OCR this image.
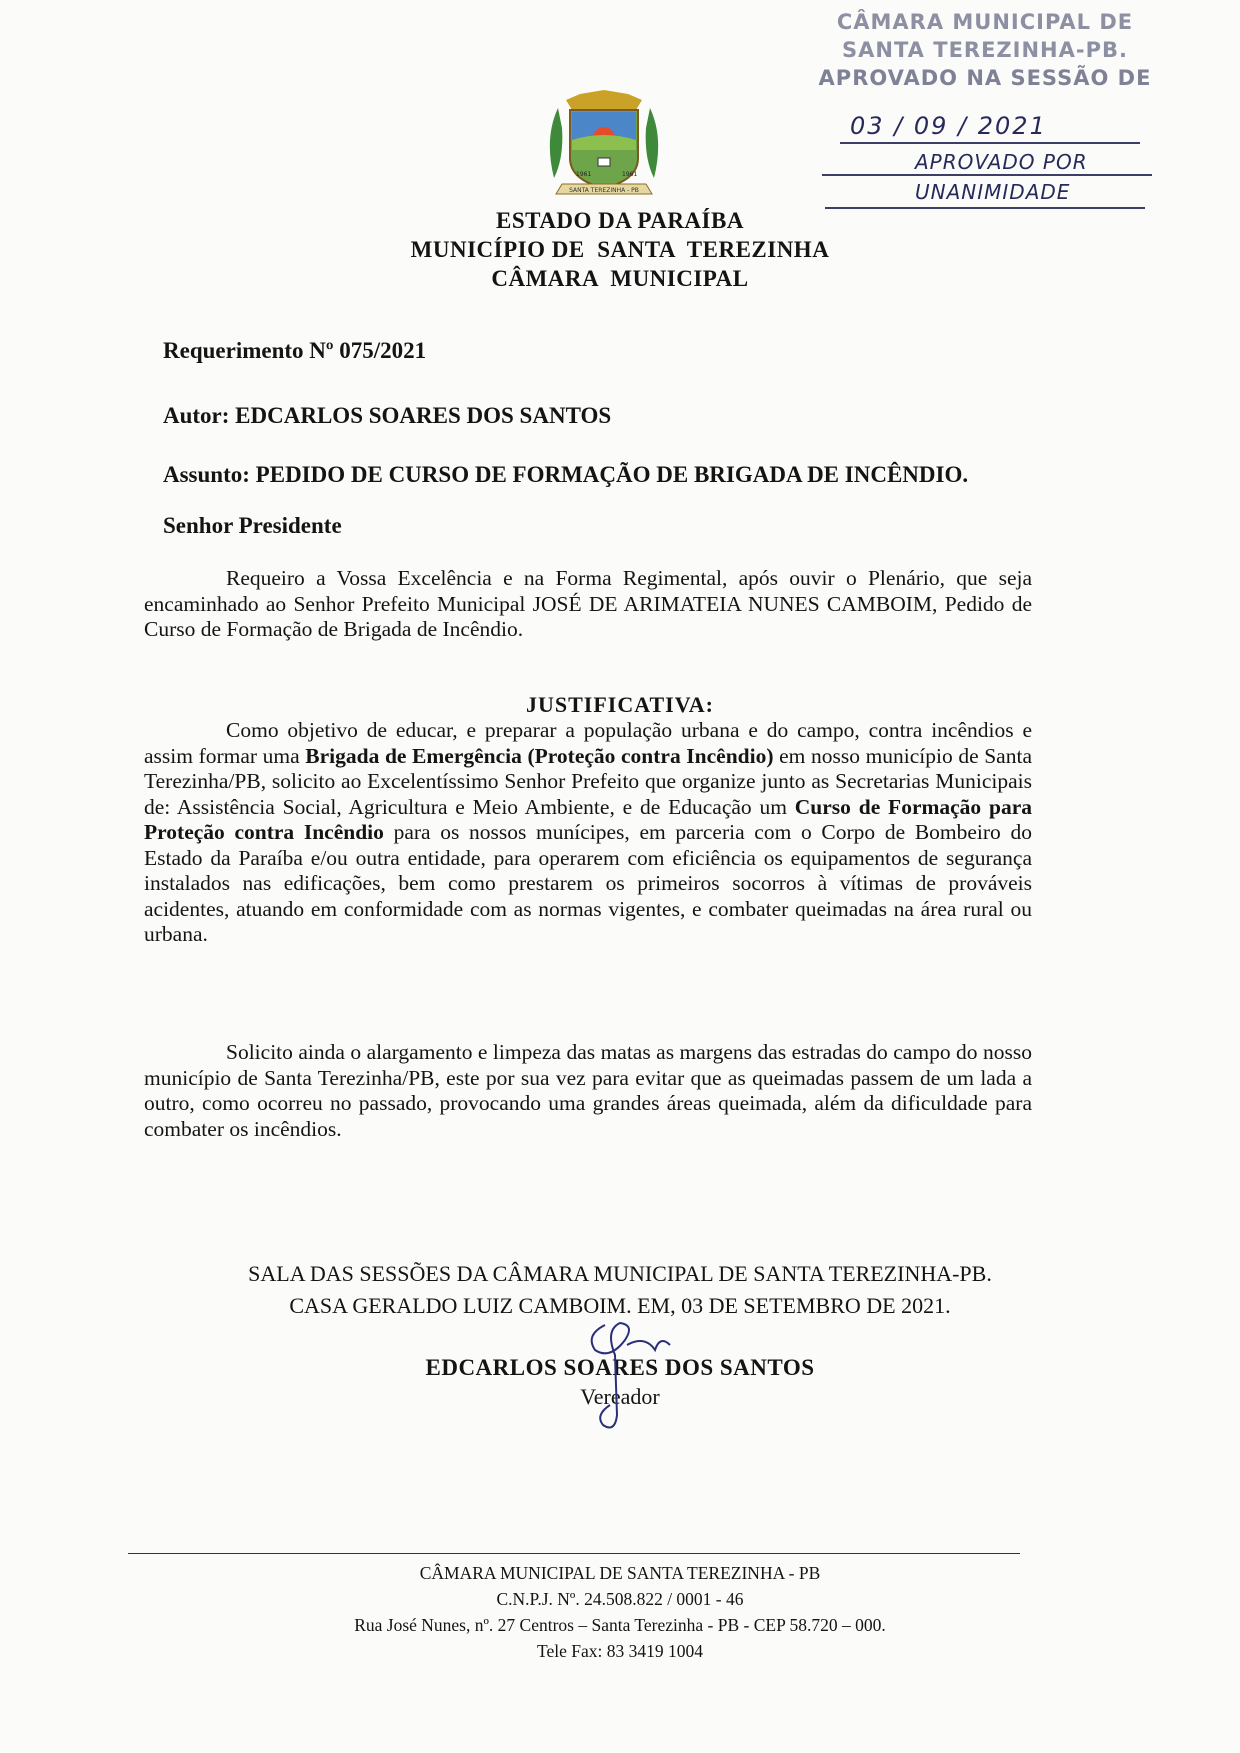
CÂMARA MUNICIPAL DE
SANTA TEREZINHA-PB.
APROVADO NA SESSÃO DE
03 / 09 / 2021
APROVADO POR
UNANIMIDADE
SANTA TEREZINHA - PB
1961	1961
ESTADO DA PARAÍBA
MUNICÍPIO DE  SANTA  TEREZINHA
CÂMARA  MUNICIPAL
Requerimento Nº 075/2021
Autor: EDCARLOS SOARES DOS SANTOS
Assunto: PEDIDO DE CURSO DE FORMAÇÃO DE BRIGADA DE INCÊNDIO.
Senhor Presidente
Requeiro a Vossa Excelência e na Forma Regimental, após ouvir o Plenário, que seja encaminhado ao Senhor Prefeito Municipal JOSÉ DE ARIMATEIA NUNES CAMBOIM, Pedido de Curso de Formação de Brigada de Incêndio.
JUSTIFICATIVA:
Como objetivo de educar, e preparar a população urbana e do campo, contra incêndios e assim formar uma Brigada de Emergência (Proteção contra Incêndio) em nosso município de Santa Terezinha/PB, solicito ao Excelentíssimo Senhor Prefeito que organize junto as Secretarias Municipais de: Assistência Social, Agricultura e Meio Ambiente, e de Educação um Curso de Formação para Proteção contra Incêndio para os nossos munícipes, em parceria com o Corpo de Bombeiro do Estado da Paraíba e/ou outra entidade, para operarem com eficiência os equipamentos de segurança instalados nas edificações, bem como prestarem os primeiros socorros à vítimas de prováveis acidentes, atuando em conformidade com as normas vigentes, e combater queimadas na área rural ou urbana.
Solicito ainda o alargamento e limpeza das matas as margens das estradas do campo do nosso município de Santa Terezinha/PB, este por sua vez para evitar que as queimadas passem de um lada a outro, como ocorreu no passado, provocando uma grandes áreas queimada, além da dificuldade para combater os incêndios.
SALA DAS SESSÕES DA CÂMARA MUNICIPAL DE SANTA TEREZINHA-PB.
CASA GERALDO LUIZ CAMBOIM. EM, 03 DE SETEMBRO DE 2021.
EDCARLOS SOARES DOS SANTOS
Vereador
CÂMARA MUNICIPAL DE SANTA TEREZINHA - PB
C.N.P.J. Nº. 24.508.822 / 0001 - 46
Rua José Nunes, nº. 27 Centros – Santa Terezinha - PB - CEP 58.720 – 000.
Tele Fax: 83 3419 1004
